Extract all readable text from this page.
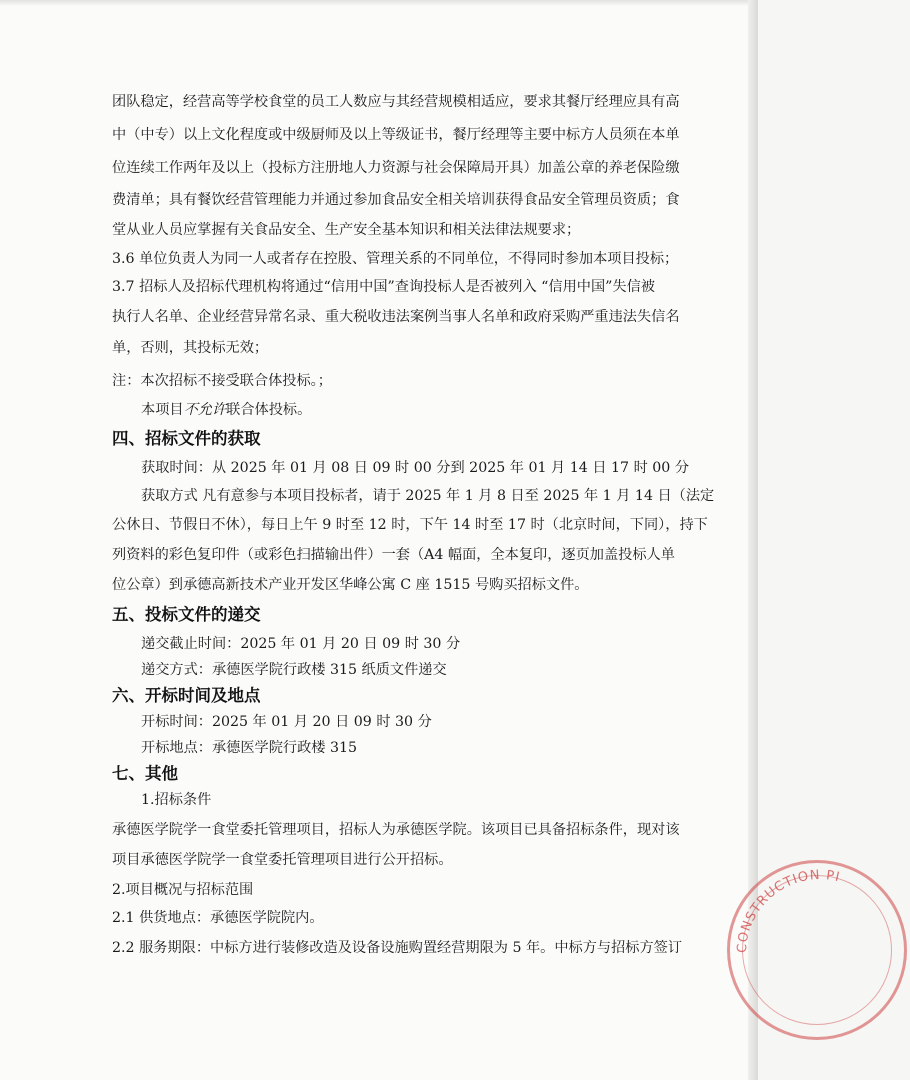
团队稳定，经营高等学校食堂的员工人数应与其经营规模相适应，要求其餐厅经理应具有高
中（中专）以上文化程度或中级厨师及以上等级证书，餐厅经理等主要中标方人员须在本单
位连续工作两年及以上（投标方注册地人力资源与社会保障局开具）加盖公章的养老保险缴
费清单；具有餐饮经营管理能力并通过参加食品安全相关培训获得食品安全管理员资质；食
堂从业人员应掌握有关食品安全、生产安全基本知识和相关法律法规要求；
3.6 单位负责人为同一人或者存在控股、管理关系的不同单位，不得同时参加本项目投标；
3.7 招标人及招标代理机构将通过“信用中国”查询投标人是否被列入 “信用中国”失信被
执行人名单、企业经营异常名录、重大税收违法案例当事人名单和政府采购严重违法失信名
单，否则，其投标无效；
注：本次招标不接受联合体投标。；
本项目不允许联合体投标。
四、招标文件的获取
获取时间：从 2025 年 01 月 08 日 09 时 00 分到 2025 年 01 月 14 日 17 时 00 分
获取方式 凡有意参与本项目投标者，请于 2025 年 1 月 8 日至 2025 年 1 月 14 日（法定
公休日、节假日不休），每日上午 9 时至 12 时，下午 14 时至 17 时（北京时间，下同），持下
列资料的彩色复印件（或彩色扫描输出件）一套（A4 幅面，全本复印，逐页加盖投标人单
位公章）到承德高新技术产业开发区华峰公寓 C 座 1515 号购买招标文件。
五、投标文件的递交
递交截止时间：2025 年 01 月 20 日 09 时 30 分
递交方式：承德医学院行政楼 315 纸质文件递交
六、开标时间及地点
开标时间：2025 年 01 月 20 日 09 时 30 分
开标地点：承德医学院行政楼 315
七、其他
1.招标条件
承德医学院学一食堂委托管理项目，招标人为承德医学院。该项目已具备招标条件，现对该
项目承德医学院学一食堂委托管理项目进行公开招标。
2.项目概况与招标范围
2.1 供货地点：承德医学院院内。
2.2 服务期限：中标方进行装修改造及设备设施购置经营期限为 5 年。中标方与招标方签订	CONSTRUCTION PI
